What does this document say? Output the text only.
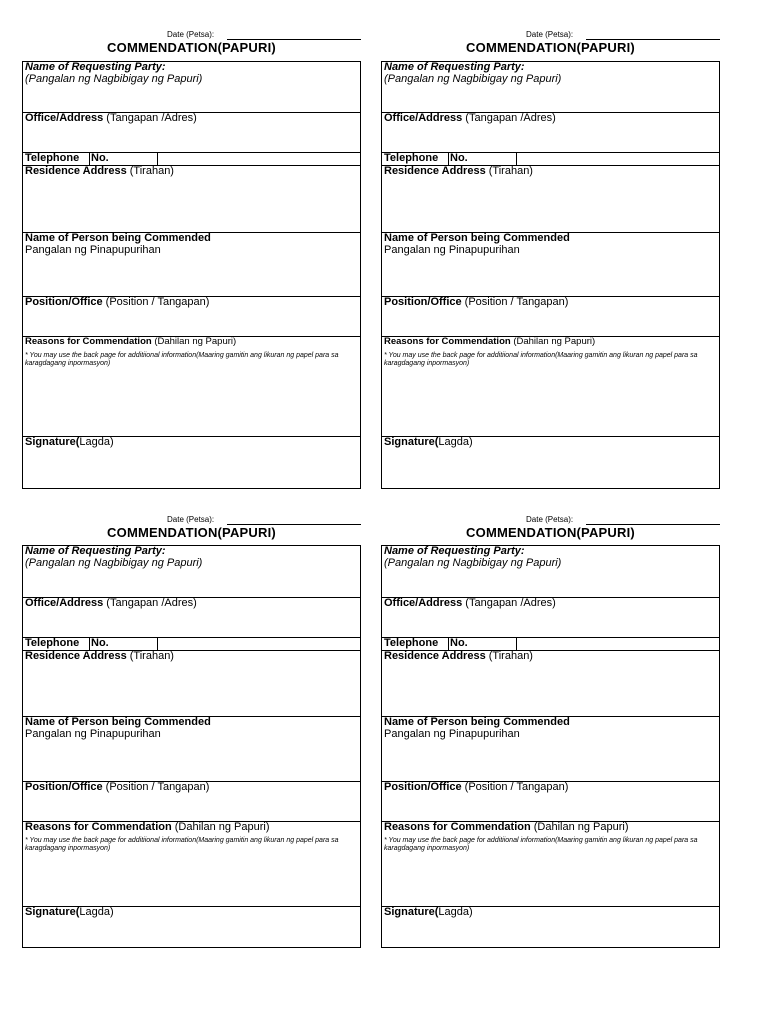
Date (Petsa):
COMMENDATION(PAPURI)
Name of Requesting Party:
(Pangalan ng Nagbibigay ng Papuri)
Office/Address (Tangapan /Adres)
Telephone No.
Residence Address (Tirahan)
Name of Person being Commended
Pangalan ng Pinapupurihan
Position/Office (Position / Tangapan)
Reasons for Commendation (Dahilan ng Papuri)
* You may use the back page for additiional information(Maaring gamitin ang likuran ng papel para sa karagdagang inpormasyon)
Signature(Lagda)
Date (Petsa):
COMMENDATION(PAPURI)
Name of Requesting Party:
(Pangalan ng Nagbibigay ng Papuri)
Office/Address (Tangapan /Adres)
Telephone No.
Residence Address (Tirahan)
Name of Person being Commended
Pangalan ng Pinapupurihan
Position/Office (Position / Tangapan)
Reasons for Commendation (Dahilan ng Papuri)
* You may use the back page for additiional information(Maaring gamitin ang likuran ng papel para sa karagdagang inpormasyon)
Signature(Lagda)
Date (Petsa):
COMMENDATION(PAPURI)
Name of Requesting Party:
(Pangalan ng Nagbibigay ng Papuri)
Office/Address (Tangapan /Adres)
Telephone No.
Residence Address (Tirahan)
Name of Person being Commended
Pangalan ng Pinapupurihan
Position/Office (Position / Tangapan)
Reasons for Commendation (Dahilan ng Papuri)
* You may use the back page for additiional information(Maaring gamitin ang likuran ng papel para sa karagdagang inpormasyon)
Signature(Lagda)
Date (Petsa):
COMMENDATION(PAPURI)
Name of Requesting Party:
(Pangalan ng Nagbibigay ng Papuri)
Office/Address (Tangapan /Adres)
Telephone No.
Residence Address (Tirahan)
Name of Person being Commended
Pangalan ng Pinapupurihan
Position/Office (Position / Tangapan)
Reasons for Commendation (Dahilan ng Papuri)
* You may use the back page for additiional information(Maaring gamitin ang likuran ng papel para sa karagdagang inpormasyon)
Signature(Lagda)
